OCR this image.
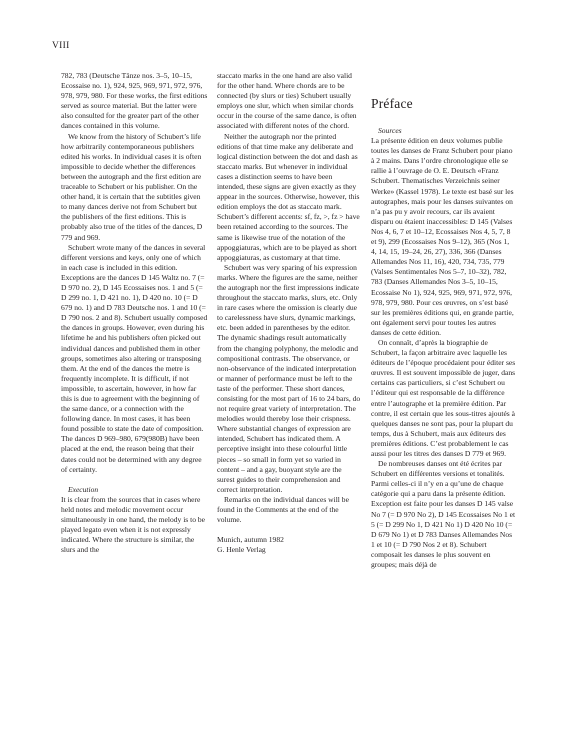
VIII

782, 783 (Deutsche Tänze nos. 3–5, 10–15, Ecossaise no. 1), 924, 925, 969, 971, 972, 976, 978, 979, 980. For these works, the first editions served as source material. But the latter were also consulted for the greater part of the other dances contained in this volume.

We know from the history of Schubert’s life how arbitrarily contemporaneous publishers edited his works. In individual cases it is often impossible to decide whether the differences between the autograph and the first edition are traceable to Schubert or his publisher. On the other hand, it is certain that the subtitles given to many dances derive not from Schubert but the publishers of the first editions. This is probably also true of the titles of the dances, D 779 and 969.

Schubert wrote many of the dances in several different versions and keys, only one of which in each case is included in this edition. Exceptions are the dances D 145 Waltz no. 7 (= D 970 no. 2), D 145 Ecossaises nos. 1 and 5 (= D 299 no. 1, D 421 no. 1), D 420 no. 10 (= D 679 no. 1) and D 783 Deutsche nos. 1 and 10 (= D 790 nos. 2 and 8). Schubert usually composed the dances in groups. However, even during his lifetime he and his publishers often picked out individual dances and published them in other groups, sometimes also altering or transposing them. At the end of the dances the metre is frequently incomplete. It is difficult, if not impossible, to ascertain, however, in how far this is due to agreement with the beginning of the same dance, or a connection with the following dance. In most cases, it has been found possible to state the date of composition. The dances D 969–980, 679(980B) have been placed at the end, the reason being that their dates could not be determined with any degree of certainty.

Execution

It is clear from the sources that in cases where held notes and melodic movement occur simultaneously in one hand, the melody is to be played legato even when it is not expressly indicated. Where the structure is similar, the slurs and the

staccato marks in the one hand are also valid for the other hand. Where chords are to be connected (by slurs or ties) Schubert usually employs one slur, which when similar chords occur in the course of the same dance, is often associated with different notes of the chord.

Neither the autograph nor the printed editions of that time make any deliberate and logical distinction between the dot and dash as staccato marks. But whenever in individual cases a distinction seems to have been intended, these signs are given exactly as they appear in the sources. Otherwise, however, this edition employs the dot as staccato mark. Schubert’s different accents: sf, fz, >, fz > have been retained according to the sources. The same is likewise true of the notation of the appoggiaturas, which are to be played as short appoggiaturas, as customary at that time.

Schubert was very sparing of his expression marks. Where the figures are the same, neither the autograph nor the first impressions indicate throughout the staccato marks, slurs, etc. Only in rare cases where the omission is clearly due to carelessness have slurs, dynamic markings, etc. been added in parentheses by the editor. The dynamic shadings result automatically from the changing polyphony, the melodic and compositional contrasts. The observance, or non-observance of the indicated interpretation or manner of performance must be left to the taste of the performer. These short dances, consisting for the most part of 16 to 24 bars, do not require great variety of interpretation. The melodies would thereby lose their crispness. Where substantial changes of expression are intended, Schubert has indicated them. A perceptive insight into these colourful little pieces – so small in form yet so varied in content – and a gay, buoyant style are the surest guides to their comprehension and correct interpretation.

Remarks on the individual dances will be found in the Comments at the end of the volume.

Munich, autumn 1982

G. Henle Verlag

Préface

Sources

La présente édition en deux volumes publie toutes les danses de Franz Schubert pour piano à 2 mains. Dans l’ordre chronologique elle se rallie à l’ouvrage de O. E. Deutsch «Franz Schubert. Thematisches Verzeichnis seiner Werke» (Kassel 1978). Le texte est basé sur les autographes, mais pour les danses suivantes on n’a pas pu y avoir recours, car ils avaient disparu ou étaient inaccessibles: D 145 (Valses Nos 4, 6, 7 et 10–12, Ecossaises Nos 4, 5, 7, 8 et 9), 299 (Ecossaises Nos 9–12), 365 (Nos 1, 4, 14, 15, 19–24, 26, 27), 336, 366 (Danses Allemandes Nos 11, 16), 420, 734, 735, 779 (Valses Sentimentales Nos 5–7, 10–32), 782, 783 (Danses Allemandes Nos 3–5, 10–15, Ecossaise No 1), 924, 925, 969, 971, 972, 976, 978, 979, 980. Pour ces œuvres, on s’est basé sur les premières éditions qui, en grande partie, ont également servi pour toutes les autres danses de cette édition.

On connaît, d’après la biographie de Schubert, la façon arbitraire avec laquelle les éditeurs de l’époque procédaient pour éditer ses œuvres. Il est souvent impossible de juger, dans certains cas particuliers, si c’est Schubert ou l’éditeur qui est responsable de la différence entre l’autographe et la première édition. Par contre, il est certain que les sous-titres ajoutés à quelques danses ne sont pas, pour la plupart du temps, dus à Schubert, mais aux éditeurs des premières éditions. C’est probablement le cas aussi pour les titres des danses D 779 et 969.

De nombreuses danses ont été écrites par Schubert en différentes versions et tonalités. Parmi celles-ci il n’y en a qu’une de chaque catégorie qui a paru dans la présente édition. Exception est faite pour les danses D 145 valse No 7 (= D 970 No 2), D 145 Ecossaises No 1 et 5 (= D 299 No 1, D 421 No 1) D 420 No 10 (= D 679 No 1) et D 783 Danses Allemandes Nos 1 et 10 (= D 790 Nos 2 et 8). Schubert composait les danses le plus souvent en groupes; mais déjà de
